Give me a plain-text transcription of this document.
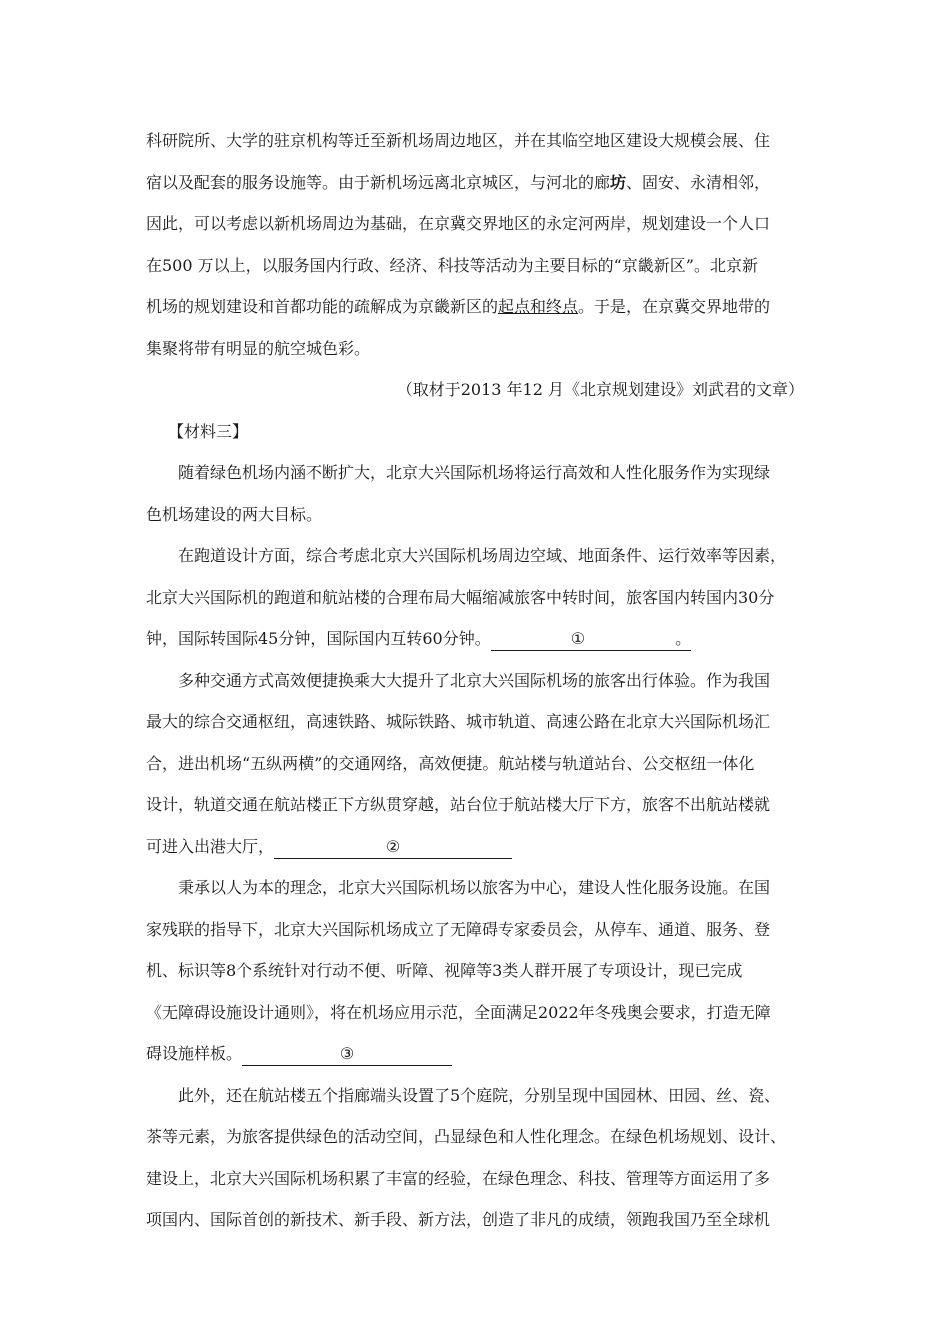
科研院所、大学的驻京机构等迁至新机场周边地区，并在其临空地区建设大规模会展、住
宿以及配套的服务设施等。由于新机场远离北京城区，与河北的廊坊、固安、永清相邻，
因此，可以考虑以新机场周边为基础，在京冀交界地区的永定河两岸，规划建设一个人口
在500 万以上，以服务国内行政、经济、科技等活动为主要目标的“京畿新区”。北京新
机场的规划建设和首都功能的疏解成为京畿新区的起点和终点。于是，在京冀交界地带的
集聚将带有明显的航空城色彩。
（取材于2013 年12 月《北京规划建设》刘武君的文章）
【材料三】
随着绿色机场内涵不断扩大，北京大兴国际机场将运行高效和人性化服务作为实现绿
色机场建设的两大目标。
在跑道设计方面，综合考虑北京大兴国际机场周边空域、地面条件、运行效率等因素，
北京大兴国际机的跑道和航站楼的合理布局大幅缩减旅客中转时间，旅客国内转国内30分
钟，国际转国际45分钟，国际国内互转60分钟。	①	。
多种交通方式高效便捷换乘大大提升了北京大兴国际机场的旅客出行体验。作为我国
最大的综合交通枢纽，高速铁路、城际铁路、城市轨道、高速公路在北京大兴国际机场汇
合，进出机场“五纵两横”的交通网络，高效便捷。航站楼与轨道站台、公交枢纽一体化
设计，轨道交通在航站楼正下方纵贯穿越，站台位于航站楼大厅下方，旅客不出航站楼就
可进入出港大厅，	②
秉承以人为本的理念，北京大兴国际机场以旅客为中心，建设人性化服务设施。在国
家残联的指导下，北京大兴国际机场成立了无障碍专家委员会，从停车、通道、服务、登
机、标识等8个系统针对行动不便、听障、视障等3类人群开展了专项设计，现已完成
《无障碍设施设计通则》，将在机场应用示范，全面满足2022年冬残奥会要求，打造无障
碍设施样板。	③
此外，还在航站楼五个指廊端头设置了5个庭院，分别呈现中国园林、田园、丝、瓷、
茶等元素，为旅客提供绿色的活动空间，凸显绿色和人性化理念。在绿色机场规划、设计、
建设上，北京大兴国际机场积累了丰富的经验，在绿色理念、科技、管理等方面运用了多
项国内、国际首创的新技术、新手段、新方法，创造了非凡的成绩，领跑我国乃至全球机
